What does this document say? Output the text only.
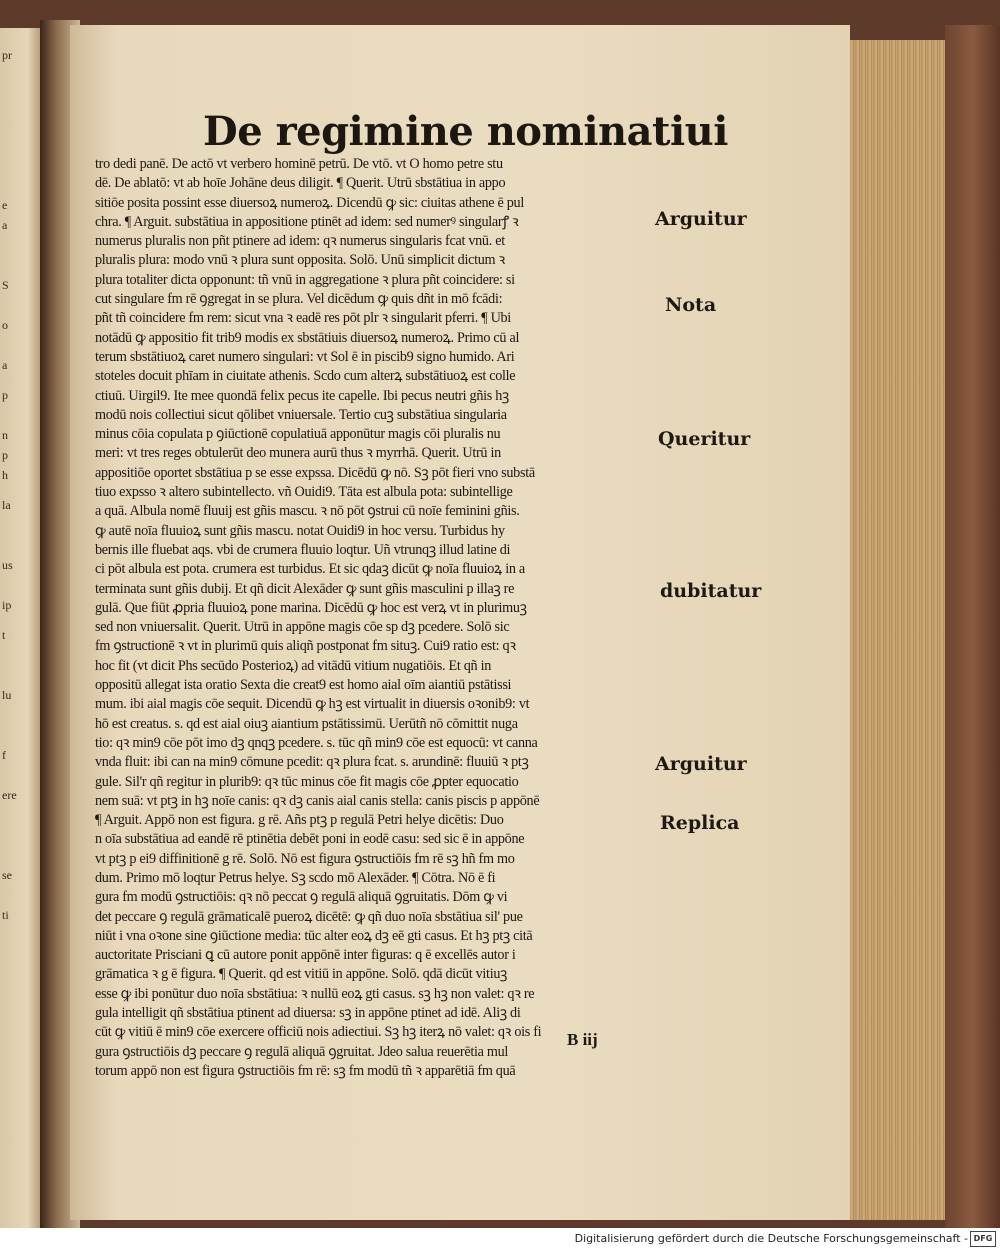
pr
e
a
S
o
a
p
n
p
h
la
us
ip
t
lu
f
ere
se
ti
De regimine nominatiui
tro dedi panē. De actō vt verbero hominē petrū. De vtō. vt O homo petre stu
dē. De ablatō: vt ab hoīe Johāne deus diligit. ¶ Querit. Utrū sbstātiua in appo
sitiōe posita possint esse diuersoꝝ numeroꝝ. Dicendū ꝙ sic: ciuitas athene ē pul
chra. ¶ Arguit. substātiua in appositione ptinēt ad idem: sed numerꝰ singularꝭ ꝛ
numerus pluralis non pñt ptinere ad idem: qꝛ numerus singularis fcat vnū. et
pluralis plura: modo vnū ꝛ plura sunt opposita. Solō. Unū simplicit dictum ꝛ
plura totaliter dicta opponunt: tñ vnū in aggregatione ꝛ plura pñt coincidere: si
cut singulare fm rē ꝯgregat in se plura. Vel dicēdum ꝙ quis dñt in mō fcādi:
pñt tñ coincidere fm rem: sicut vna ꝛ eadē res pōt plr ꝛ singularit pferri. ¶ Ubi
notādū ꝙ appositio fit trib9 modis ex sbstātiuis diuersoꝝ numeroꝝ. Primo cū al
terum sbstātiuoꝝ caret numero singulari: vt Sol ē in piscib9 signo humido. Ari
stoteles docuit phīam in ciuitate athenis. Scdo cum alterꝝ substātiuoꝝ est colle
ctiuū. Uirgil9. Ite mee quondā felix pecus ite capelle. Ibi pecus neutri gñis hꝫ
modū nois collectiui sicut qōlibet vniuersale. Tertio cuꝫ substātiua singularia
minus cōia copulata p ꝯiūctionē copulatiuā apponūtur magis cōi pluralis nu
meri: vt tres reges obtulerūt deo munera aurū thus ꝛ myrrhā. Querit. Utrū in
appositiōe oportet sbstātiua p se esse expssa. Dicēdū ꝙ nō. Sꝫ pōt fieri vno substā
tiuo expsso ꝛ altero subintellecto. vñ Ouidi9. Tāta est albula pota: subintellige
a quā. Albula nomē fluuij est gñis mascu. ꝛ nō pōt ꝯstrui cū noīe feminini gñis.
ꝙ autē noīa fluuioꝝ sunt gñis mascu. notat Ouidi9 in hoc versu. Turbidus hy
bernis ille fluebat aqs. vbi de crumera fluuio loqtur. Uñ vtrunqꝫ illud latine di
ci pōt albula est pota. crumera est turbidus. Et sic qdaꝫ dicūt ꝙ noīa fluuioꝝ in a
terminata sunt gñis dubij. Et qñ dicit Alexāder ꝙ sunt gñis masculini p illaꝫ re
gulā. Que fiūt ꝓpria fluuioꝝ pone marina. Dicēdū ꝙ hoc est verꝝ vt in plurimuꝫ
sed non vniuersalit. Querit. Utrū in appōne magis cōe sp dꝫ pcedere. Solō sic
fm ꝯstructionē ꝛ vt in plurimū quis aliqñ postponat fm situꝫ. Cui9 ratio est: qꝛ
hoc fit (vt dicit Phs secūdo Posterioꝝ) ad vitādū vitium nugatiōis. Et qñ in
oppositū allegat ista oratio Sexta die creat9 est homo aial oīm aiantiū pstātissi
mum. ibi aial magis cōe sequit. Dicendū ꝙ hꝫ est virtualit in diuersis oꝛonib9: vt
hō est creatus. s. qd est aial oiuꝫ aiantium pstātissimū. Uerūtñ nō cōmittit nuga
tio: qꝛ min9 cōe pōt imo dꝫ qnqꝫ pcedere. s. tūc qñ min9 cōe est equocū: vt canna
vnda fluit: ibi can na min9 cōmune pcedit: qꝛ plura fcat. s. arundinē: fluuiū ꝛ ptꝫ
gule. Sil'r qñ regitur in plurib9: qꝛ tūc minus cōe fit magis cōe ꝓpter equocatio
nem suā: vt ptꝫ in hꝫ noīe canis: qꝛ dꝫ canis aial canis stella: canis piscis p appōnē
¶ Arguit. Appō non est figura. g rē. Añs ptꝫ p regulā Petri helye dicētis: Duo
n oīa substātiua ad eandē rē ptinētia debēt poni in eodē casu: sed sic ē in appōne
vt ptꝫ p ei9 diffinitionē g rē. Solō. Nō est figura ꝯstructiōis fm rē sꝫ hñ fm mo
dum. Primo mō loqtur Petrus helye. Sꝫ scdo mō Alexāder. ¶ Cōtra. Nō ē fi
gura fm modū ꝯstructiōis: qꝛ nō peccat ꝯ regulā aliquā ꝯgruitatis. Dōm ꝙ vi
det peccare ꝯ regulā grāmaticalē pueroꝝ dicētē: ꝙ qñ duo noīa sbstātiua sil' pue
niūt i vna oꝛone sine ꝯiūctione media: tūc alter eoꝝ dꝫ eē gti casus. Et hꝫ ptꝫ citā
auctoritate Prisciani ꝗ cū autore ponit appōnē inter figuras: q ē excellēs autor i
grāmatica ꝛ g ē figura. ¶ Querit. qd est vitiū in appōne. Solō. qdā dicūt vitiuꝫ
esse ꝙ ibi ponūtur duo noīa sbstātiua: ꝛ nullū eoꝝ gti casus. sꝫ hꝫ non valet: qꝛ re
gula intelligit qñ sbstātiua ptinent ad diuersa: sꝫ in appōne ptinet ad idē. Aliꝫ di
cūt ꝙ vitiū ē min9 cōe exercere officiū nois adiectiui. Sꝫ hꝫ iterꝝ nō valet: qꝛ ois fi
gura ꝯstructiōis dꝫ peccare ꝯ regulā aliquā ꝯgruitat. Jdeo salua reuerētia mul
torum appō non est figura ꝯstructiōis fm rē: sꝫ fm modū tñ ꝛ apparētiā fm quā
Arguitur
Nota
Queritur
dubitatur
Arguitur
Replica
B iij
Digitalisierung gefördert durch die Deutsche Forschungsgemeinschaft - DFG
